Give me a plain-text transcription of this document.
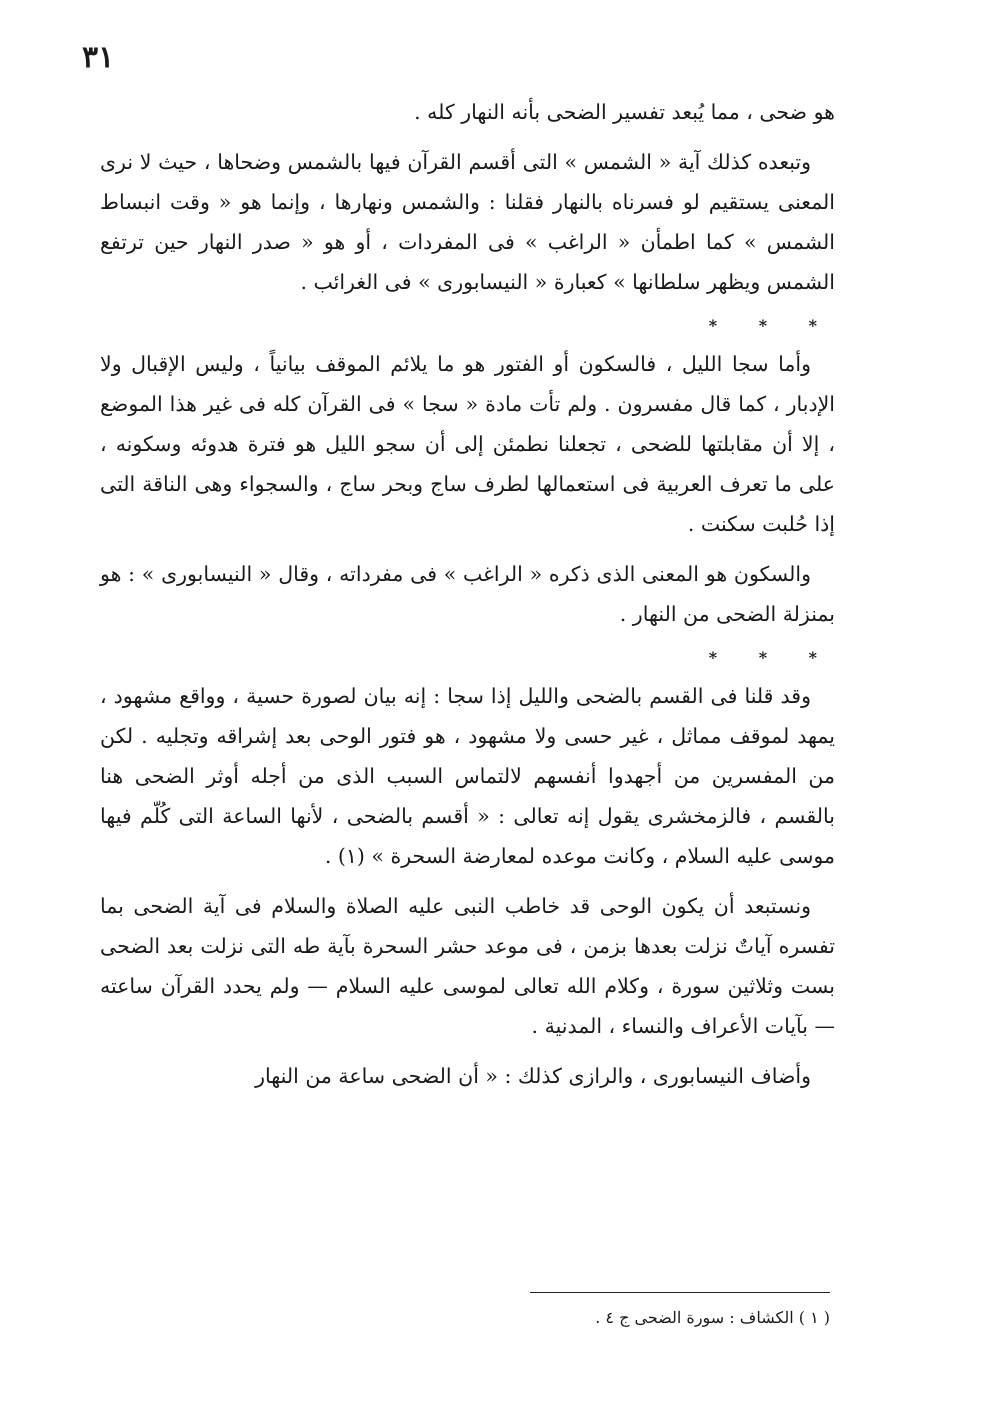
٣١

هو ضحى ، مما يُبعد تفسير الضحى بأنه النهار كله .

وتبعده كذلك آية « الشمس » التى أقسم القرآن فيها بالشمس وضحاها ، حيث لا نرى المعنى يستقيم لو فسرناه بالنهار فقلنا : والشمس ونهارها ، وإنما هو « وقت انبساط الشمس » كما اطمأن « الراغب » فى المفردات ، أو هو « صدر النهار حين ترتفع الشمس ويظهر سلطانها » كعبارة « النيسابورى » فى الغرائب .

* * *

وأما سجا الليل ، فالسكون أو الفتور هو ما يلائم الموقف بيانياً ، وليس الإقبال ولا الإدبار ، كما قال مفسرون . ولم تأت مادة « سجا » فى القرآن كله فى غير هذا الموضع ، إلا أن مقابلتها للضحى ، تجعلنا نطمئن إلى أن سجو الليل هو فترة هدوئه وسكونه ، على ما تعرف العربية فى استعمالها لطرف ساج وبحر ساج ، والسجواء وهى الناقة التى إذا حُلبت سكنت .

والسكون هو المعنى الذى ذكره « الراغب » فى مفرداته ، وقال « النيسابورى » : هو بمنزلة الضحى من النهار .

* * *

وقد قلنا فى القسم بالضحى والليل إذا سجا : إنه بيان لصورة حسية ، وواقع مشهود ، يمهد لموقف مماثل ، غير حسى ولا مشهود ، هو فتور الوحى بعد إشراقه وتجليه . لكن من المفسرين من أجهدوا أنفسهم لالتماس السبب الذى من أجله أوثر الضحى هنا بالقسم ، فالزمخشرى يقول إنه تعالى : « أقسم بالضحى ، لأنها الساعة التى كُلّم فيها موسى عليه السلام ، وكانت موعده لمعارضة السحرة » (١) .

ونستبعد أن يكون الوحى قد خاطب النبى عليه الصلاة والسلام فى آية الضحى بما تفسره آياتٌ نزلت بعدها بزمن ، فى موعد حشر السحرة بآية طه التى نزلت بعد الضحى بست وثلاثين سورة ، وكلام الله تعالى لموسى عليه السلام — ولم يحدد القرآن ساعته — بآيات الأعراف والنساء ، المدنية .

وأضاف النيسابورى ، والرازى كذلك : « أن الضحى ساعة من النهار

( ١ ) الكشاف : سورة الضحى ج ٤ .
